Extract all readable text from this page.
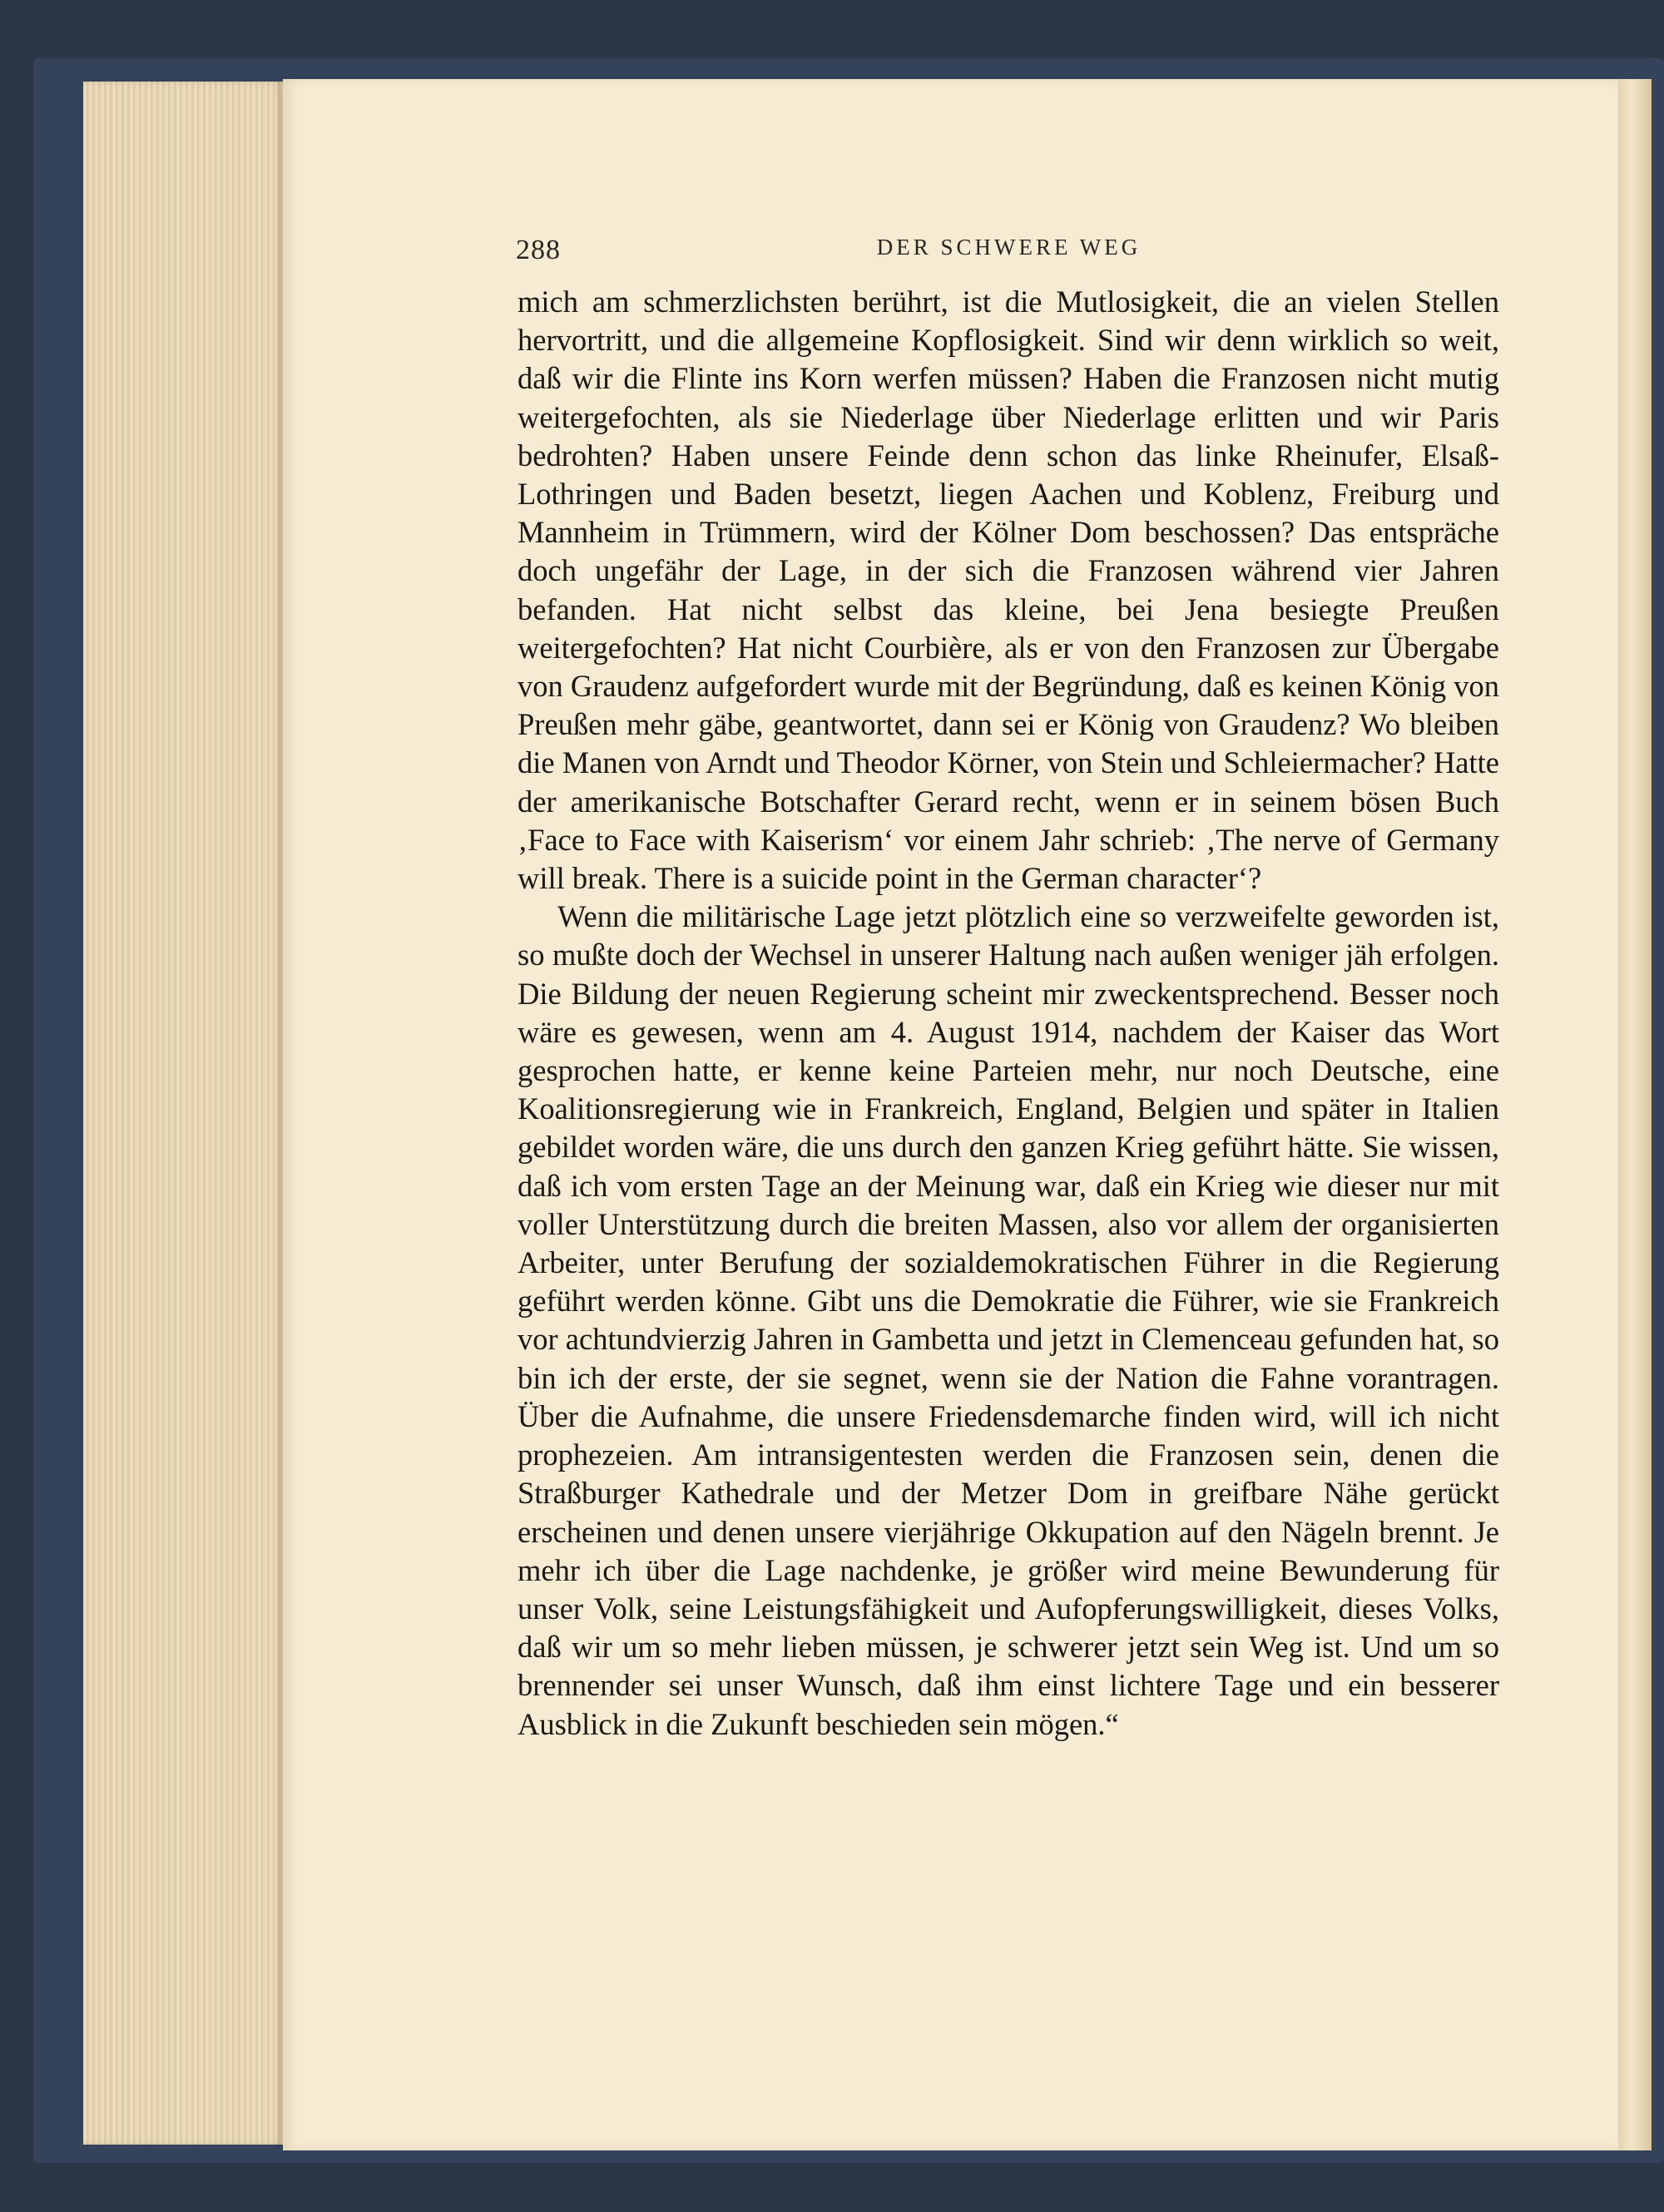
288	DER SCHWERE WEG

mich am schmerzlichsten berührt, ist die Mutlosigkeit, die an vielen Stellen hervortritt, und die allgemeine Kopflosigkeit. Sind wir denn wirklich so weit, daß wir die Flinte ins Korn werfen müssen? Haben die Franzosen nicht mutig weitergefochten, als sie Niederlage über Niederlage erlitten und wir Paris bedrohten? Haben unsere Feinde denn schon das linke Rheinufer, Elsaß-Lothringen und Baden besetzt, liegen Aachen und Koblenz, Freiburg und Mannheim in Trümmern, wird der Kölner Dom beschossen? Das entspräche doch ungefähr der Lage, in der sich die Franzosen während vier Jahren befanden. Hat nicht selbst das kleine, bei Jena besiegte Preußen weitergefochten? Hat nicht Courbière, als er von den Franzosen zur Übergabe von Graudenz aufgefordert wurde mit der Begründung, daß es keinen König von Preußen mehr gäbe, geantwortet, dann sei er König von Graudenz? Wo bleiben die Manen von Arndt und Theodor Körner, von Stein und Schleiermacher? Hatte der amerikanische Botschafter Gerard recht, wenn er in seinem bösen Buch ‚Face to Face with Kaiserism‘ vor einem Jahr schrieb: ‚The nerve of Germany will break. There is a suicide point in the German character‘?

Wenn die militärische Lage jetzt plötzlich eine so verzweifelte geworden ist, so mußte doch der Wechsel in unserer Haltung nach außen weniger jäh erfolgen. Die Bildung der neuen Regierung scheint mir zweckentsprechend. Besser noch wäre es gewesen, wenn am 4. August 1914, nachdem der Kaiser das Wort gesprochen hatte, er kenne keine Parteien mehr, nur noch Deutsche, eine Koalitionsregierung wie in Frankreich, England, Belgien und später in Italien gebildet worden wäre, die uns durch den ganzen Krieg geführt hätte. Sie wissen, daß ich vom ersten Tage an der Meinung war, daß ein Krieg wie dieser nur mit voller Unterstützung durch die breiten Massen, also vor allem der organisierten Arbeiter, unter Berufung der sozialdemokratischen Führer in die Regierung geführt werden könne. Gibt uns die Demokratie die Führer, wie sie Frankreich vor achtundvierzig Jahren in Gambetta und jetzt in Clemenceau gefunden hat, so bin ich der erste, der sie segnet, wenn sie der Nation die Fahne vorantragen. Über die Aufnahme, die unsere Friedensdemarche finden wird, will ich nicht prophezeien. Am intransigentesten werden die Franzosen sein, denen die Straßburger Kathedrale und der Metzer Dom in greifbare Nähe gerückt erscheinen und denen unsere vierjährige Okkupation auf den Nägeln brennt. Je mehr ich über die Lage nachdenke, je größer wird meine Bewunderung für unser Volk, seine Leistungsfähigkeit und Aufopferungswilligkeit, dieses Volks, daß wir um so mehr lieben müssen, je schwerer jetzt sein Weg ist. Und um so brennender sei unser Wunsch, daß ihm einst lichtere Tage und ein besserer Ausblick in die Zukunft beschieden sein mögen.“
